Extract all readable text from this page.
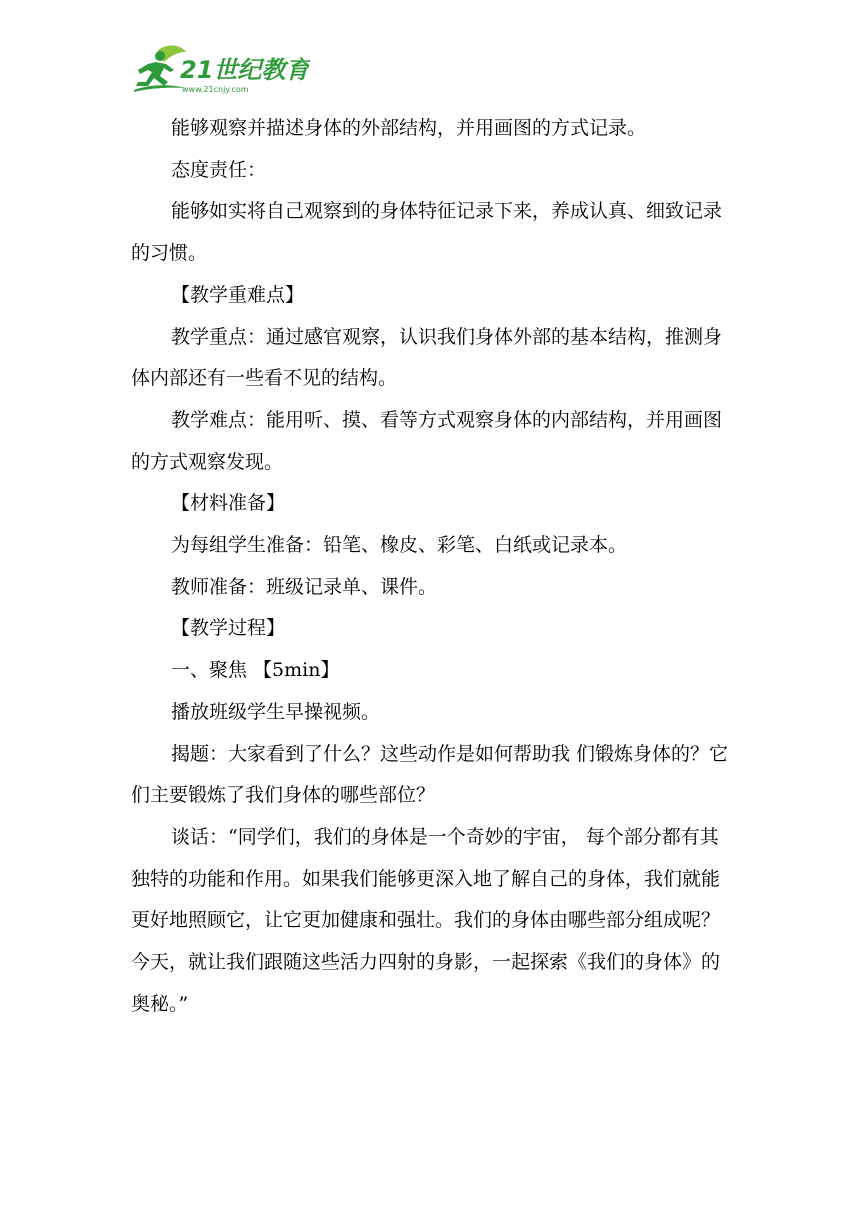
21世纪教育
www.21cnjy.com

能够观察并描述身体的外部结构，并用画图的方式记录。

态度责任：

能够如实将自己观察到的身体特征记录下来，养成认真、细致记录的习惯。

【教学重难点】

教学重点：通过感官观察，认识我们身体外部的基本结构，推测身体内部还有一些看不见的结构。

教学难点：能用听、摸、看等方式观察身体的内部结构，并用画图的方式观察发现。

【材料准备】

为每组学生准备：铅笔、橡皮、彩笔、白纸或记录本。

教师准备：班级记录单、课件。

【教学过程】

一、聚焦 【5min】

播放班级学生早操视频。

揭题：大家看到了什么？这些动作是如何帮助我 们锻炼身体的？它们主要锻炼了我们身体的哪些部位？

谈话：“同学们，我们的身体是一个奇妙的宇宙， 每个部分都有其独特的功能和作用。如果我们能够更深入地了解自己的身体，我们就能更好地照顾它，让它更加健康和强壮。我们的身体由哪些部分组成呢？今天，就让我们跟随这些活力四射的身影，一起探索《我们的身体》的奥秘。”
